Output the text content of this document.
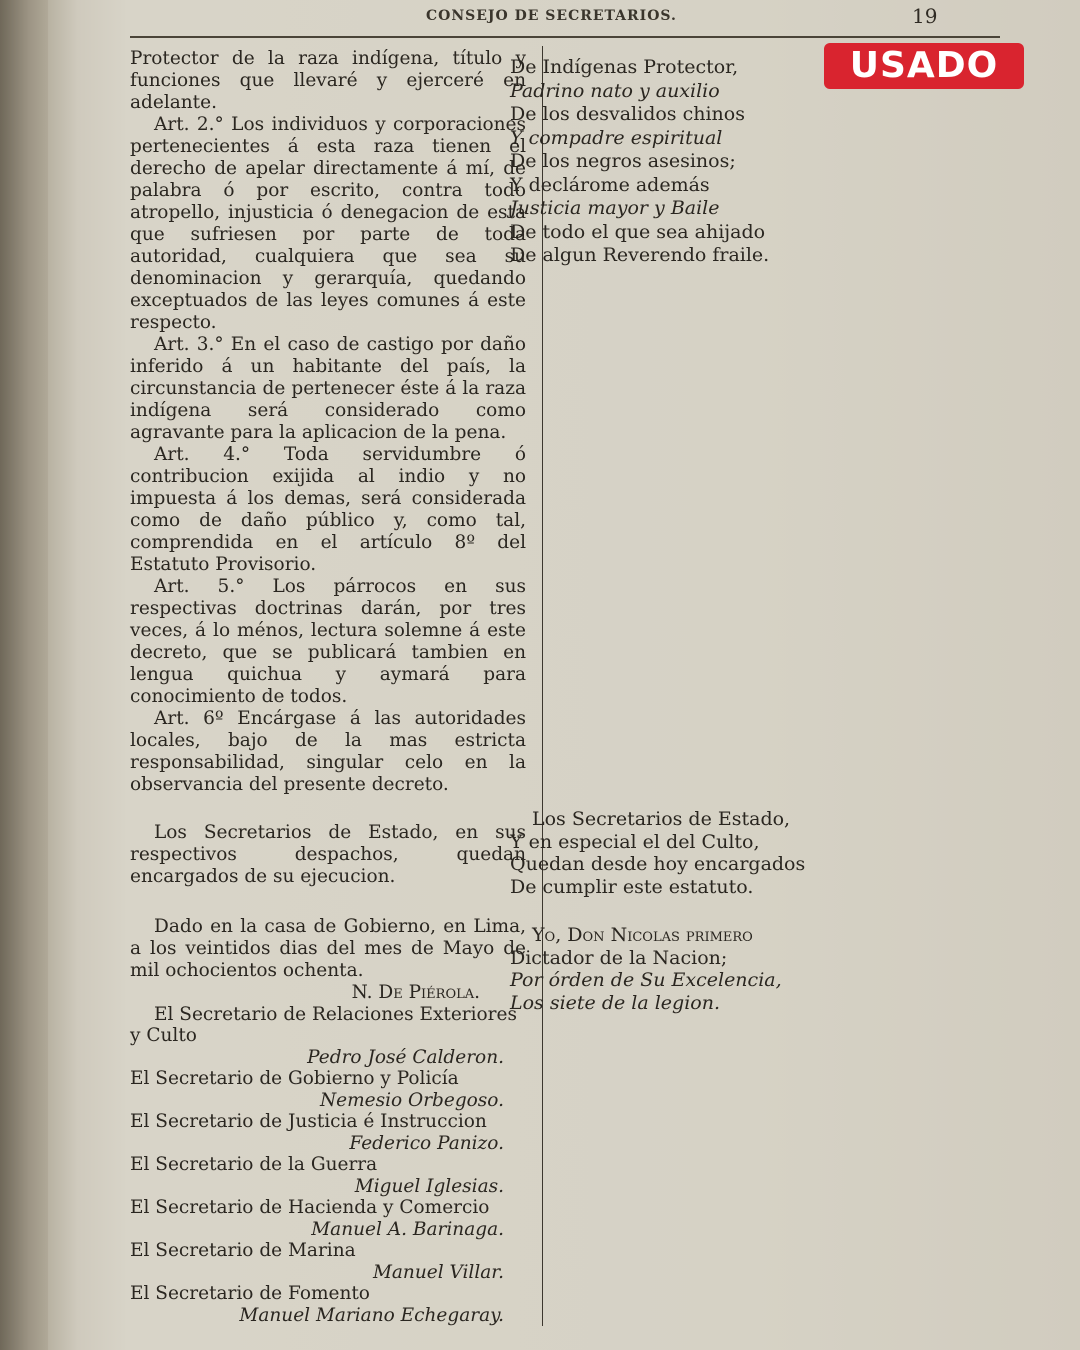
CONSEJO DE SECRETARIOS.	19

Protector de la raza indígena, título y funciones que llevaré y ejerceré en adelante.

Art. 2.° Los individuos y corporaciones pertenecientes á esta raza tienen el derecho de apelar directamente á mí, de palabra ó por escrito, contra todo atropello, injusticia ó denegacion de esta que sufriesen por parte de toda autoridad, cualquiera que sea su denominacion y gerarquía, quedando exceptuados de las leyes comunes á este respecto.

Art. 3.° En el caso de castigo por daño inferido á un habitante del país, la circunstancia de pertenecer éste á la raza indígena será considerado como agravante para la aplicacion de la pena.

Art. 4.° Toda servidumbre ó contribucion exijida al indio y no impuesta á los demas, será considerada como de daño público y, como tal, comprendida en el artículo 8º del Estatuto Provisorio.

Art. 5.° Los párrocos en sus respectivas doctrinas darán, por tres veces, á lo ménos, lectura solemne á este decreto, que se publicará tambien en lengua quichua y aymará para conocimiento de todos.

Art. 6º Encárgase á las autoridades locales, bajo de la mas estricta responsabilidad, singular celo en la observancia del presente decreto.

Los Secretarios de Estado, en sus respectivos despachos, quedan encargados de su ejecucion.

Dado en la casa de Gobierno, en Lima, a los veintidos dias del mes de Mayo de mil ochocientos ochenta.

N. De Piérola.
El Secretario de Relaciones Exteriores y Culto
Pedro José Calderon.
El Secretario de Gobierno y Policía
Nemesio Orbegoso.
El Secretario de Justicia é Instruccion
Federico Panizo.
El Secretario de la Guerra
Miguel Iglesias.
El Secretario de Hacienda y Comercio
Manuel A. Barinaga.
El Secretario de Marina
Manuel Villar.
El Secretario de Fomento
Manuel Mariano Echegaray.
De Indígenas Protector,
Padrino nato y auxilio
De los desvalidos chinos
Y compadre espiritual
De los negros asesinos;
Y declárome además
Justicia mayor y Baile
De todo el que sea ahijado
De algun Reverendo fraile.
Los Secretarios de Estado,
Y en especial el del Culto,
Quedan desde hoy encargados
De cumplir este estatuto.
Yo, Don Nicolas primero
Dictador de la Nacion;
Por órden de Su Excelencia,
Los siete de la legion.
USADO
